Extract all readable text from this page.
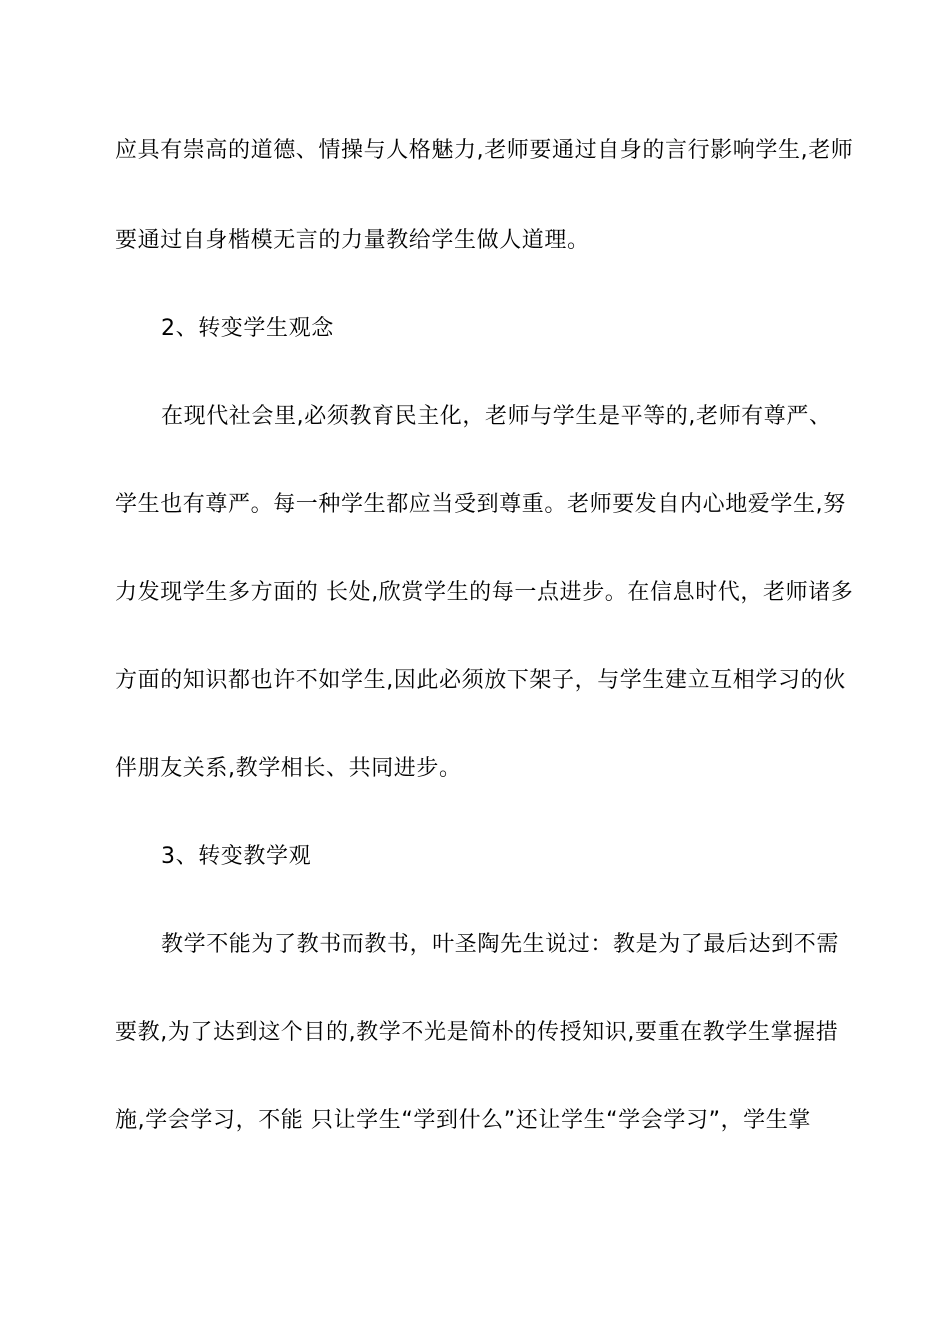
应具有崇高的道德、情操与人格魅力,老师要通过自身的言行影响学生,老师
要通过自身楷模无言的力量教给学生做人道理。
2、转变学生观念
在现代社会里,必须教育民主化，老师与学生是平等的,老师有尊严、
学生也有尊严。每一种学生都应当受到尊重。老师要发自内心地爱学生,努
力发现学生多方面的 长处,欣赏学生的每一点进步。在信息时代，老师诸多
方面的知识都也许不如学生,因此必须放下架子，与学生建立互相学习的伙
伴朋友关系,教学相长、共同进步。
3、转变教学观
教学不能为了教书而教书，叶圣陶先生说过：教是为了最后达到不需
要教,为了达到这个目的,教学不光是简朴的传授知识,要重在教学生掌握措
施,学会学习，不能 只让学生“学到什么”还让学生“学会学习”，学生掌
